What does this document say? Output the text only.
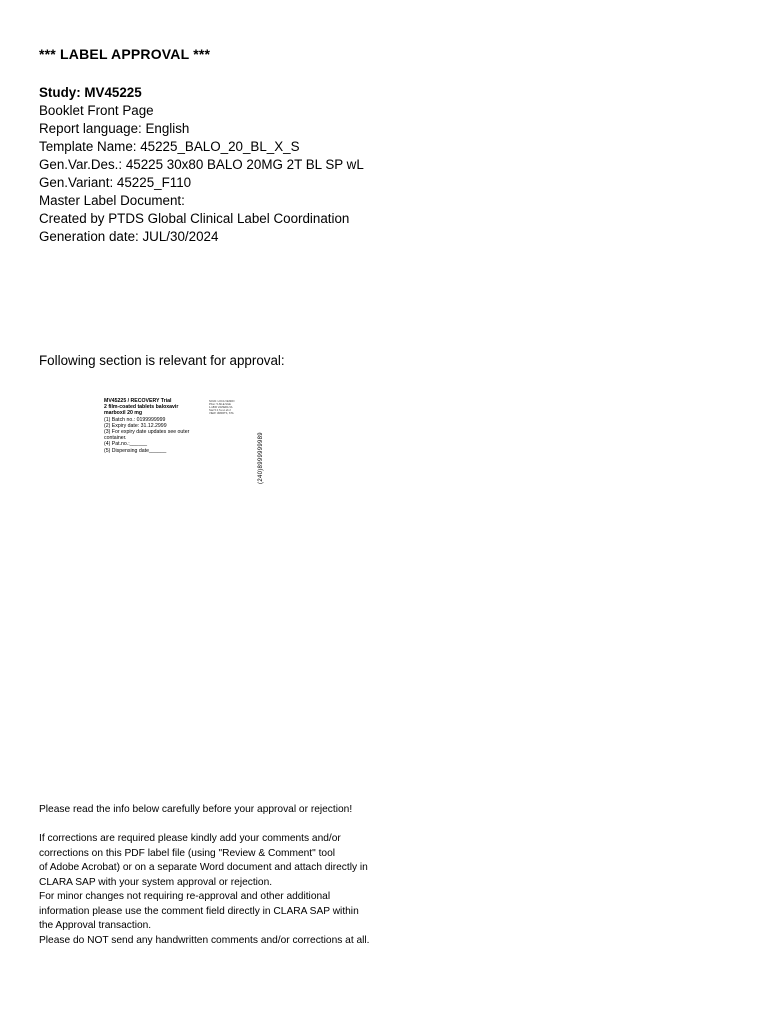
*** LABEL APPROVAL ***
Study: MV45225
Booklet Front Page
Report language: English
Template Name: 45225_BALO_20_BL_X_S
Gen.Var.Des.: 45225 30x80 BALO 20MG 2T BL SP wL
Gen.Variant: 45225_F110
Master Label Document:
Created by PTDS Global Clinical Label Coordination
Generation date: JUL/30/2024
Following section is relevant for approval:
MV45225 / RECOVERY Trial
2 film-coated tablets baloxavir
marboxil 20 mg
(1) Batch no.: 0199999999
(2) Expiry date: 31.12.2999
(3) For expiry date updates see outer
container.
(4) Pat.no.:______
(5) Dispensing date______
NOVA: LOCA VENDO
Phon: 5-SILE-SILE
1-1800 VAVIERA VA
Star 5 2,7a sc eb 2
VIEW: 3RRRTS, STA
(240)8999999989
Please read the info below carefully before your approval or rejection!
If corrections are required please kindly add your comments and/or
corrections on this PDF label file (using "Review & Comment" tool
of Adobe Acrobat) or on a separate Word document and attach directly in
CLARA SAP with your system approval or rejection.
For minor changes not requiring re-approval and other additional
information please use the comment field directly in CLARA SAP within
the Approval transaction.
Please do NOT send any handwritten comments and/or corrections at all.
